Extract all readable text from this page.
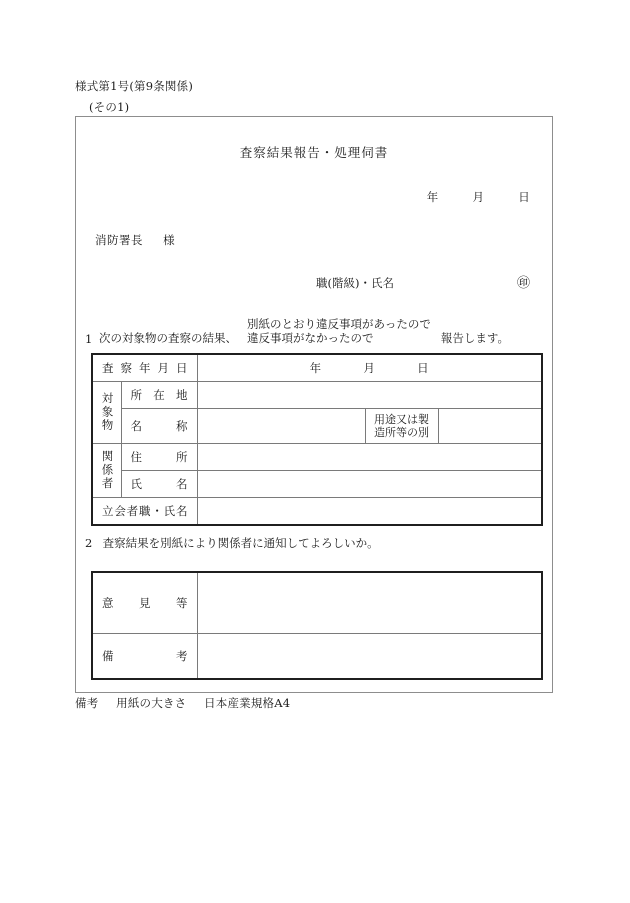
様式第1号(第9条関係)
(その1)
査察結果報告・処理伺書
年	月	日
消防署長 様
職(階級)・氏名	㊞
1 次の対象物の査察の結果、
別紙のとおり違反事項があったので
違反事項がなかったので	報告します。
査察年月日		年 月 日		

対象物	所在地			
	名称		用途又は製
造所等の別	

関係者	住所			
	氏名			
立会者職・氏名				
2 査察結果を別紙により関係者に通知してよろしいか。
意見等	
備考	
備考 用紙の大きさ 日本産業規格A4
